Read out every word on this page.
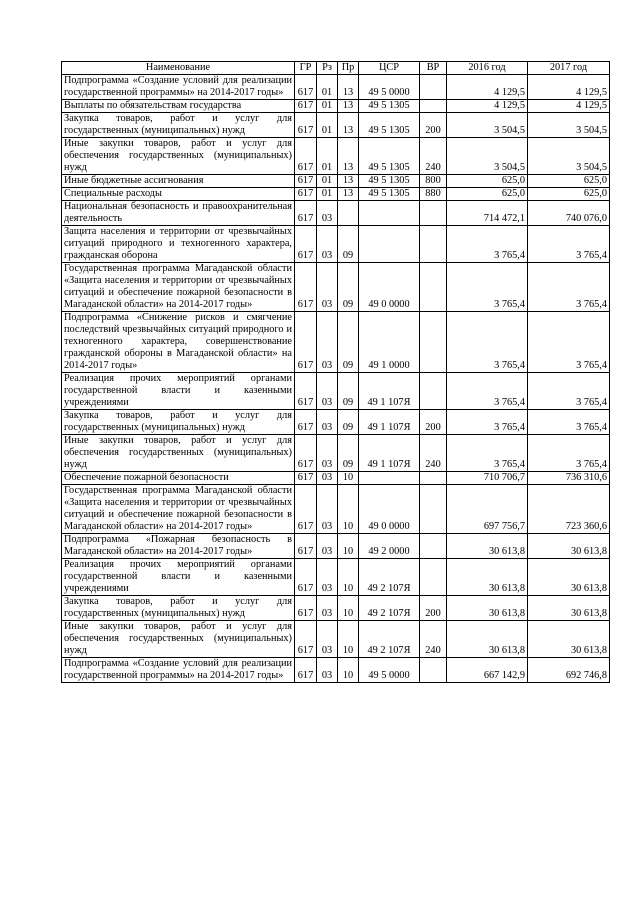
Наименование	ГР	Рз	Пр	ЦСР	ВР	2016 год	2017 год
Подпрограмма «Создание условий для реализации государственной программы» на 2014-2017 годы»	617	01	13	49 5 0000		4 129,5	4 129,5
Выплаты по обязательствам государства	617	01	13	49 5 1305		4 129,5	4 129,5
Закупка товаров, работ и услуг для государственных (муниципальных) нужд	617	01	13	49 5 1305	200	3 504,5	3 504,5
Иные закупки товаров, работ и услуг для обеспечения государственных (муниципальных) нужд	617	01	13	49 5 1305	240	3 504,5	3 504,5
Иные бюджетные ассигнования	617	01	13	49 5 1305	800	625,0	625,0
Специальные расходы	617	01	13	49 5 1305	880	625,0	625,0
Национальная безопасность и правоохранительная деятельность	617	03				714 472,1	740 076,0
Защита населения и территории от чрезвычайных ситуаций природного и техногенного характера, гражданская оборона	617	03	09			3 765,4	3 765,4
Государственная программа Магаданской области «Защита населения и территории от чрезвычайных ситуаций и обеспечение пожарной безопасности в Магаданской области» на 2014-2017 годы»	617	03	09	49 0 0000		3 765,4	3 765,4
Подпрограмма «Снижение рисков и смягчение последствий чрезвычайных ситуаций природного и техногенного характера, совершенствование гражданской обороны в Магаданской области» на 2014-2017 годы»	617	03	09	49 1 0000		3 765,4	3 765,4
Реализация прочих мероприятий органами государственной власти и казенными учреждениями	617	03	09	49 1 107Я		3 765,4	3 765,4
Закупка товаров, работ и услуг для государственных (муниципальных) нужд	617	03	09	49 1 107Я	200	3 765,4	3 765,4
Иные закупки товаров, работ и услуг для обеспечения государственных (муниципальных) нужд	617	03	09	49 1 107Я	240	3 765,4	3 765,4
Обеспечение пожарной безопасности	617	03	10			710 706,7	736 310,6
Государственная программа Магаданской области «Защита населения и территории от чрезвычайных ситуаций и обеспечение пожарной безопасности в Магаданской области» на 2014-2017 годы»	617	03	10	49 0 0000		697 756,7	723 360,6
Подпрограмма «Пожарная безопасность в Магаданской области» на 2014-2017 годы»	617	03	10	49 2 0000		30 613,8	30 613,8
Реализация прочих мероприятий органами государственной власти и казенными учреждениями	617	03	10	49 2 107Я		30 613,8	30 613,8
Закупка товаров, работ и услуг для государственных (муниципальных) нужд	617	03	10	49 2 107Я	200	30 613,8	30 613,8
Иные закупки товаров, работ и услуг для обеспечения государственных (муниципальных) нужд	617	03	10	49 2 107Я	240	30 613,8	30 613,8
Подпрограмма «Создание условий для реализации государственной программы» на 2014-2017 годы»	617	03	10	49 5 0000		667 142,9	692 746,8
